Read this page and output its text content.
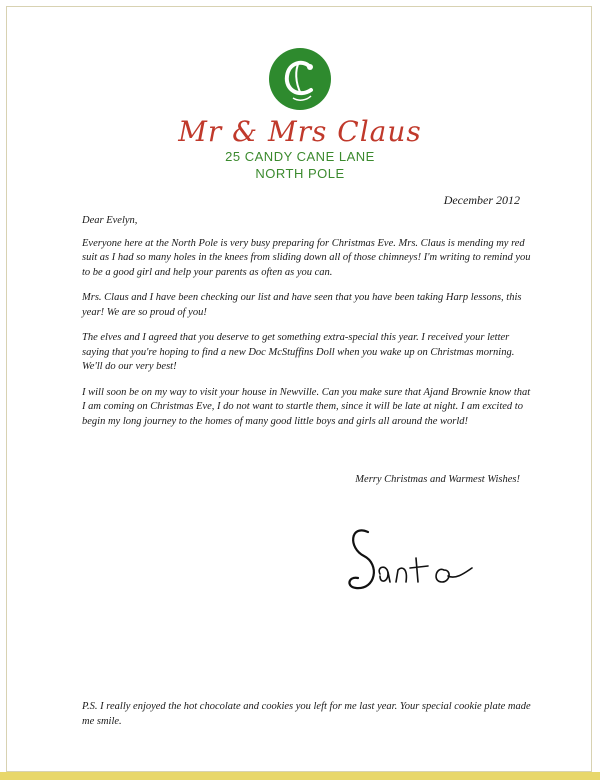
Mr & Mrs Claus
25 CANDY CANE LANE
NORTH POLE
December 2012

Dear Evelyn,

Everyone here at the North Pole is very busy preparing for Christmas Eve. Mrs. Claus is mending my red suit as I had so many holes in the knees from sliding down all of those chimneys! I'm writing to remind you to be a good girl and help your parents as often as you can.

Mrs. Claus and I have been checking our list and have seen that you have been taking Harp lessons, this year! We are so proud of you!

The elves and I agreed that you deserve to get something extra-special this year. I received your letter saying that you're hoping to find a new Doc McStuffins Doll when you wake up on Christmas morning. We'll do our very best!

I will soon be on my way to visit your house in Newville. Can you make sure that Ajand Brownie know that I am coming on Christmas Eve, I do not want to startle them, since it will be late at night. I am excited to begin my long journey to the homes of many good little boys and girls all around the world!

Merry Christmas and Warmest Wishes!
P.S. I really enjoyed the hot chocolate and cookies you left for me last year. Your special cookie plate made me smile.
